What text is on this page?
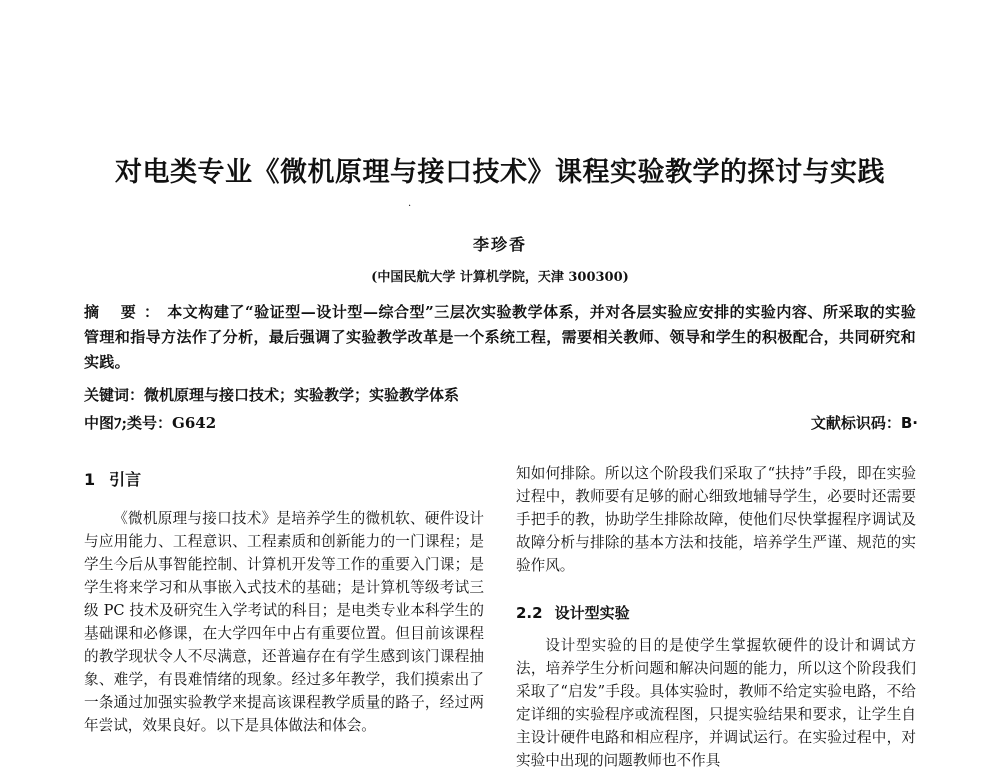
对电类专业《微机原理与接口技术》课程实验教学的探讨与实践
.
李珍香
(中国民航大学 计算机学院，天津 300300)
摘 要：本文构建了“验证型—设计型—综合型”三层次实验教学体系，并对各层实验应安排的实验内容、所采取的实验管理和指导方法作了分析，最后强调了实验教学改革是一个系统工程，需要相关教师、领导和学生的积极配合，共同研究和实践。
关键词：微机原理与接口技术；实验教学；实验教学体系
中图ﾌ;类号：G642	文献标识码：B·
1 引言
《微机原理与接口技术》是培养学生的微机软、硬件设计与应用能力、工程意识、工程素质和创新能力的一门课程；是学生今后从事智能控制、计算机开发等工作的重要入门课；是学生将来学习和从事嵌入式技术的基础；是计算机等级考试三级 PC 技术及研究生入学考试的科目；是电类专业本科学生的基础课和必修课，在大学四年中占有重要位置。但目前该课程的教学现状令人不尽满意，还普遍存在有学生感到该门课程抽象、难学，有畏难情绪的现象。经过多年教学，我们摸索出了一条通过加强实验教学来提高该课程教学质量的路子，经过两年尝试，效果良好。以下是具体做法和体会。
知如何排除。所以这个阶段我们采取了“扶持”手段，即在实验过程中，教师要有足够的耐心细致地辅导学生，必要时还需要手把手的教，协助学生排除故障，使他们尽快掌握程序调试及故障分析与排除的基本方法和技能，培养学生严谨、规范的实验作风。
2.2 设计型实验
设计型实验的目的是使学生掌握软硬件的设计和调试方法，培养学生分析问题和解决问题的能力，所以这个阶段我们采取了“启发”手段。具体实验时，教师不给定实验电路，不给定详细的实验程序或流程图，只提实验结果和要求，让学生自主设计硬件电路和相应程序，并调试运行。在实验过程中，对实验中出现的问题教师也不作具
